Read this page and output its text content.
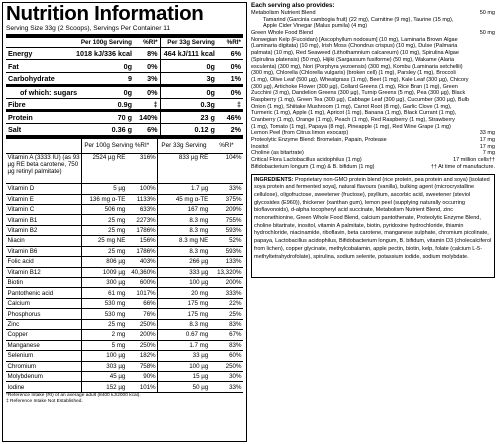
Nutrition Information
Serving Size 33g (2 Scoops), Servings Per Container 11
	Per 100g Serving	%RI*	Per 33g Serving	%RI*
Energy	1018 kJ/336 kcal	8%	464 kJ/111 kcal	6%
Fat	0g	0%	0g	0%
Carbohydrate	9	3%	3g	1%
of which: sugars	0g	0%	0g	0%
Fibre	0.9g	‡	0.3g	‡
Protein	70 g	140%	23 g	46%
Salt	0.36 g	6%	0.12 g	2%
	Per 100g Serving	%RI*	Per 33g Serving	%RI*
Vitamin A (3333 IU) (as 93 µg RE beta carotene, 750 µg retinyl palmitate)	2524 µg RE	316%	833 µg RE	104%
Vitamin D	5 µg	100%	1.7 µg	33%
Vitamin E	136 mg α-TE	1133%	45 mg α-TE	375%
Vitamin C	506 mg	633%	167 mg	209%
Vitamin B1	25 mg	2273%	8.3 mg	755%
Vitamin B2	25 mg	1786%	8.3 mg	593%
Niacin	25 mg NE	156%	8.3 mg NE	52%
Vitamin B6	25 mg	1786%	8.3 mg	593%
Folic acid	806 µg	403%	266 µg	133%
Vitamin B12	1009 µg	40,360%	333 µg	13,320%
Biotin	300 µg	600%	100 µg	200%
Pantothenic acid	61 mg	1017%	20 mg	333%
Calcium	530 mg	66%	175 mg	22%
Phosphorus	530 mg	76%	175 mg	25%
Zinc	25 mg	250%	8.3 mg	83%
Copper	2 mg	200%	0.67 mg	67%
Manganese	5 mg	250%	1.7 mg	83%
Selenium	100 µg	182%	33 µg	60%
Chromium	303 µg	758%	100 µg	250%
Molybdenum	45 µg	90%	15 µg	30%
Iodine	152 µg	101%	50 µg	33%
*Reference Intake (RI) of an average adult (8400 kJ/2000 kcal).
‡ Reference Intake Not Established.
Each serving also provides:
Metabolism Nutrient Blend	50 mg
Tamarind (Garcinia cambogia fruit) (22 mg), Carnitine (9 mg), Taurine (15 mg),
Apple Cider Vinegar (Malus pumila) (4 mg)
Green Whole Food Blend	50 mg
Norwegian Kelp (Fucoidan) [Ascophyllum nodosum] (10 mg), Laminaria Brown Algae
(Laminaria digitata) (10 mg), Irish Moss (Chondrus crispus) (10 mg), Dulse (Palmaria
palmata) (10 mg), Red Seaweed (Lithothamnium calcareum) (10 mg), Spirulina Algae
(Spirulina platensis) (50 mg), Hijiki (Sargassum fusiforme) (50 mg), Wakame (Alaria
esculenta) (300 mg), Nori (Porphyra yezoensis) (300 mg), Kombu (Laminaria setchellii)
(300 mg), Chlorella (Chlorella vulgaris) (broken cell) (1 mg), Parsley (1 mg), Broccoli
(1 mg), Olive Leaf (500 µg), Wheatgrass (1 mg), Beet (1 mg), Kale Leaf (300 µg), Chicory
(300 µg), Artichoke Flower (300 µg), Collard Greens (1 mg), Rice Bran (1 mg), Green
Zucchini (3 mg), Dandelion Greens (300 µg), Turnip Greens (5 mg), Pea (300 µg), Black
Raspberry (1 mg), Green Tea (300 µg), Cabbage Leaf (300 µg), Cucumber (300 µg), Bulb
Onion (1 mg), Shiitake Mushroom (1 mg), Carrot Root (8 mg), Garlic Clove (1 mg),
Turmeric (1 mg), Apple (1 mg), Apricot (1 mg), Banana (1 mg), Black Currant (1 mg),
Cranberry (1 mg), Orange (1 mg), Peach (1 mg), Red Raspberry (1 mg), Strawberry
(1 mg), Tomato (1 mg), Papaya (8 mg), Pineapple (1 mg), Red Wine Grape (1 mg)
Lemon Peel (from Citrus limon exocarp)	33 mg
Proteolytic Enzyme Blend: Bromelain, Papain, Protease	17 mg
Inositol	17 mg
Choline (as bitartrate)	7 mg
Critical Flora Lactobacillus acidophilus (1 mg)	17 million cells††
Bifidobacterium longum (1 mg) & B. bifidum (1 mg)	†† At time of manufacture.
INGREDIENTS: Proprietary non-GMO protein blend (rice protein, pea protein and soya) [isolated soya protein and fermented soya], natural flavours (vanilla), bulking agent (microcrystalline cellulose), oligofructose, sweetener (fructose), psyllium, ascorbic acid, sweetener (steviol glycosides (E960)), thickener (xanthan gum), lemon peel (supplying naturally occurring bioflavonoids), d-alpha tocopheryl acid succinate, Metabolism Nutrient Blend, zinc mononethionine, Green Whole Food Blend, calcium pantothenate, Proteolytic Enzyme Blend, choline bitartrate, inositol, vitamin A palmitate, biotin, pyridoxine hydrochloride, thiamin hydrochloride, niacinamide, riboflavin, beta carotene, manganese sulphate, chromium picolinate, papaya, Lactobacillus acidophilus, Bifidobacterium longum, B. bifidum, vitamin D3 (cholecalciferol from lichen), copper glycinate, methylcobalamin, apple pectin, biotin, kelp, folate (calcium L-5-methyltetrahydrofolate), spirulina, sodium selenite, potassium iodide, sodium molybdate.
